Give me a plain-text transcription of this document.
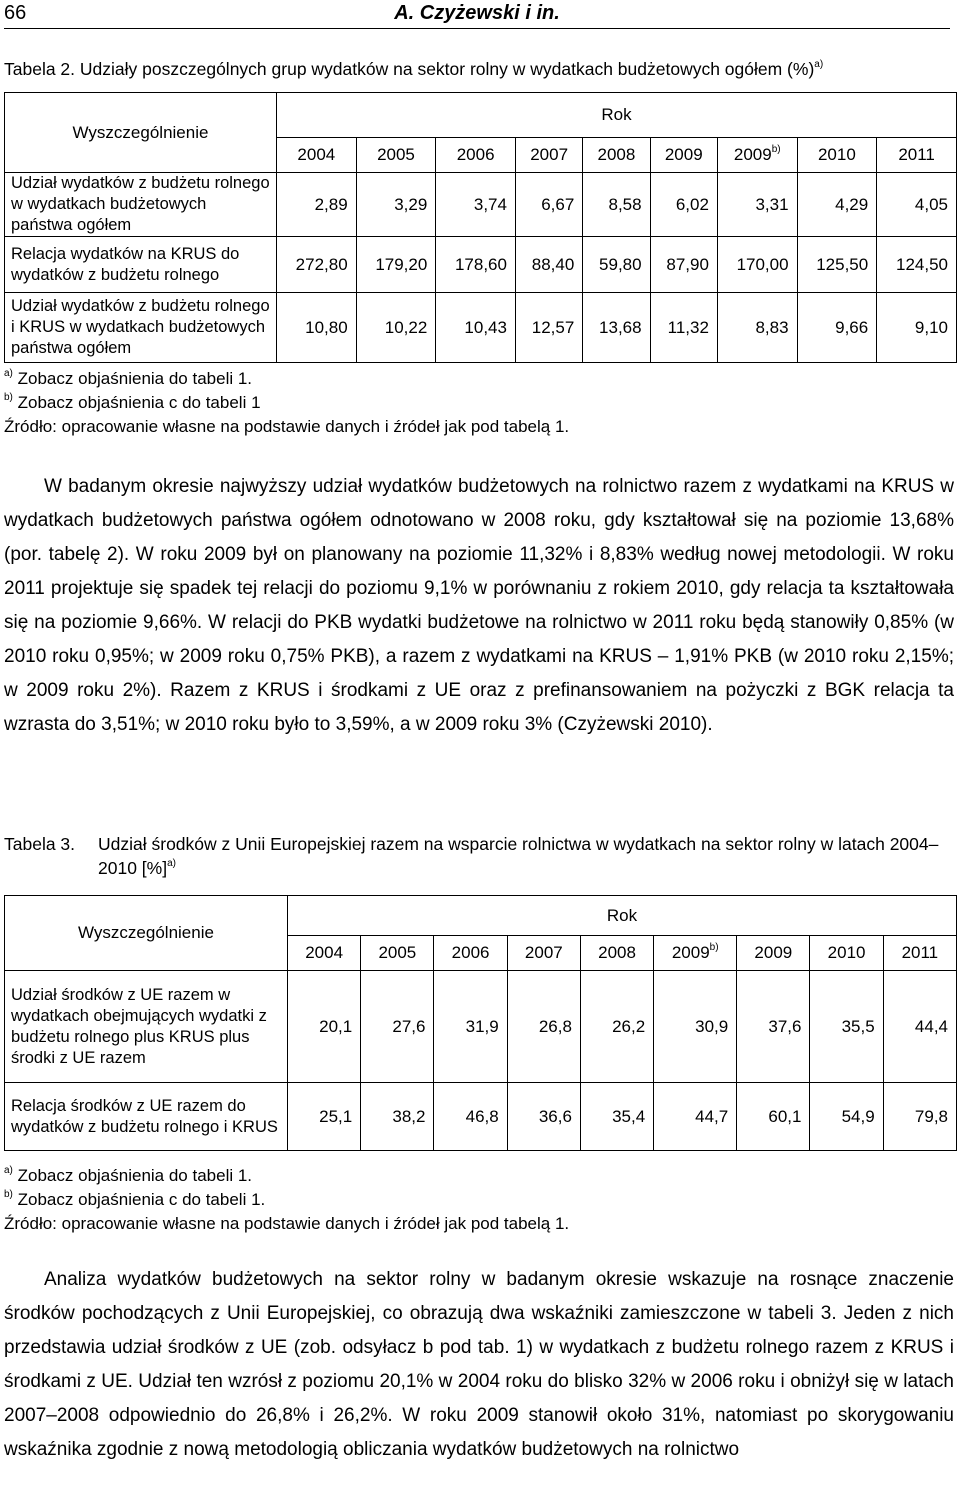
66	A. Czyżewski i in.
Tabela 2. Udziały poszczególnych grup wydatków na sektor rolny w wydatkach budżetowych ogółem (%)$^{a)}$
Wyszczególnienie	Rok								
	2004	2005	2006	2007	2008	2009	2009$^{b)}$	2010	2011
Udział wydatków z budżetu rolnego w wydatkach budżetowych państwa ogółem	2,89	3,29	3,74	6,67	8,58	6,02	3,31	4,29	4,05
Relacja wydatków na KRUS do wydatków z budżetu rolnego	272,80	179,20	178,60	88,40	59,80	87,90	170,00	125,50	124,50
Udział wydatków z budżetu rolnego i KRUS w wydatkach budżetowych państwa ogółem	10,80	10,22	10,43	12,57	13,68	11,32	8,83	9,66	9,10
$^{a)}$ Zobacz objaśnienia do tabeli 1.
$^{b)}$ Zobacz objaśnienia c do tabeli 1
Źródło: opracowanie własne na podstawie danych i źródeł jak pod tabelą 1.

W badanym okresie najwyższy udział wydatków budżetowych na rolnictwo razem z wydatkami na KRUS w wydatkach budżetowych państwa ogółem odnotowano w 2008 roku, gdy kształtował się na poziomie 13,68% (por. tabelę 2). W roku 2009 był on planowany na poziomie 11,32% i 8,83% według nowej metodologii. W roku 2011 projektuje się spadek tej relacji do poziomu 9,1% w porównaniu z rokiem 2010, gdy relacja ta kształtowała się na poziomie 9,66%. W relacji do PKB wydatki budżetowe na rolnictwo w 2011 roku będą stanowiły 0,85% (w 2010 roku 0,95%; w 2009 roku 0,75% PKB), a razem z wydatkami na KRUS – 1,91% PKB (w 2010 roku 2,15%; w 2009 roku 2%). Razem z KRUS i środkami z UE oraz z prefinansowaniem na pożyczki z BGK relacja ta wzrasta do 3,51%; w 2010 roku było to 3,59%, a w 2009 roku 3% (Czyżewski 2010).

Tabela 3.	Udział środków z Unii Europejskiej razem na wsparcie rolnictwa w wydatkach na sektor rolny w latach 2004–2010 [%]$^{a)}$
Wyszczególnienie	Rok								
	2004	2005	2006	2007	2008	2009$^{b)}$	2009	2010	2011
Udział środków z UE razem w wydatkach obejmujących wydatki z budżetu rolnego plus KRUS plus środki z UE razem	20,1	27,6	31,9	26,8	26,2	30,9	37,6	35,5	44,4
Relacja środków z UE razem do wydatków z budżetu rolnego i KRUS	25,1	38,2	46,8	36,6	35,4	44,7	60,1	54,9	79,8
$^{a)}$ Zobacz objaśnienia do tabeli 1.
$^{b)}$ Zobacz objaśnienia c do tabeli 1.
Źródło: opracowanie własne na podstawie danych i źródeł jak pod tabelą 1.

Analiza wydatków budżetowych na sektor rolny w badanym okresie wskazuje na rosnące znaczenie środków pochodzących z Unii Europejskiej, co obrazują dwa wskaźniki zamieszczone w tabeli 3. Jeden z nich przedstawia udział środków z UE (zob. odsyłacz b pod tab. 1) w wydatkach z budżetu rolnego razem z KRUS i środkami z UE. Udział ten wzrósł z poziomu 20,1% w 2004 roku do blisko 32% w 2006 roku i obniżył się w latach 2007–2008 odpowiednio do 26,8% i 26,2%. W roku 2009 stanowił około 31%, natomiast po skorygowaniu wskaźnika zgodnie z nową metodologią obliczania wydatków budżetowych na rolnictwo
